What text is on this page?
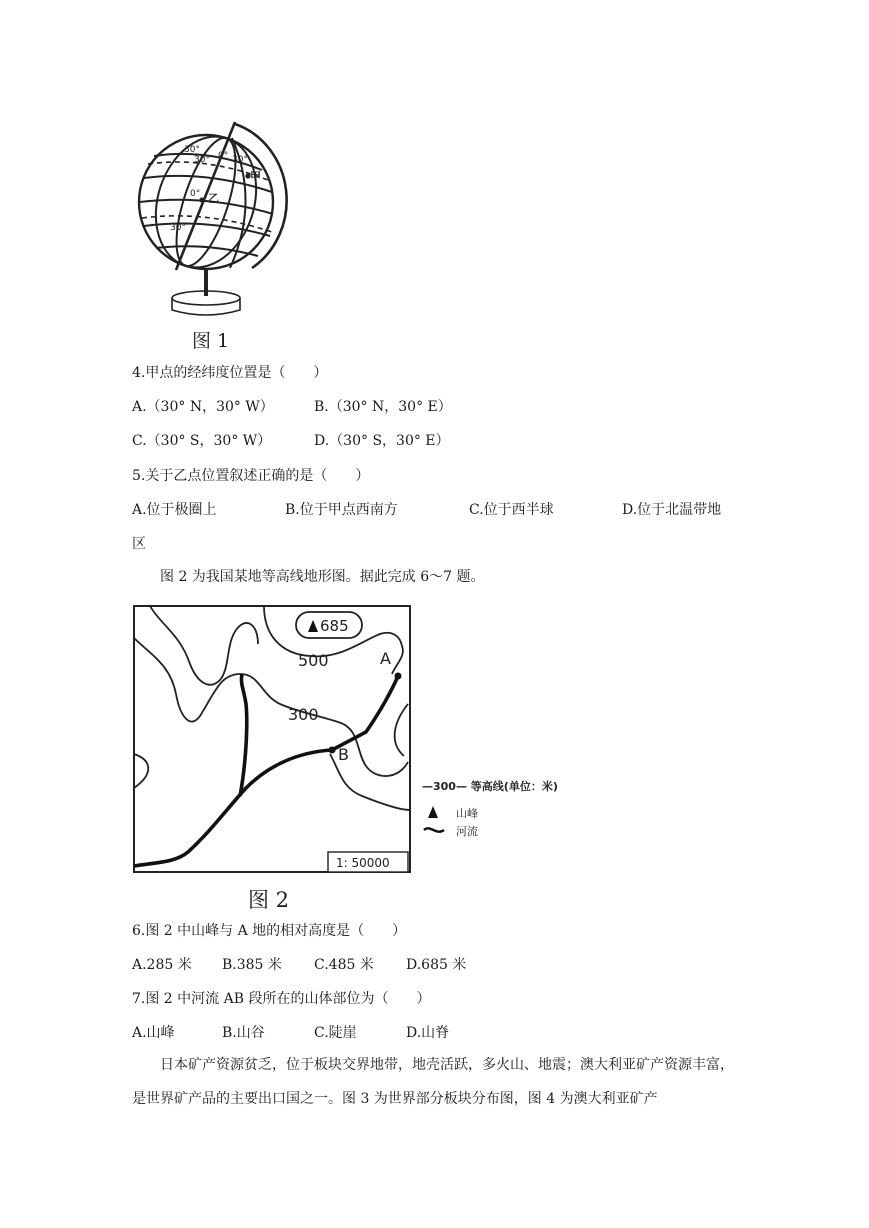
30°
30° 0° 30°
0°
30°
甲
乙
图 1
4.甲点的经纬度位置是（　　）
A.（30° N，30° W）	B.（30° N，30° E）
C.（30° S，30° W）	D.（30° S，30° E）
5.关于乙点位置叙述正确的是（　　）
A.位于极圈上	B.位于甲点西南方	C.位于西半球	D.位于北温带地
区
图 2 为我国某地等高线地形图。据此完成 6～7 题。
685
500
300
A
B
1: 50000
—300— 等高线(单位：米)
山峰
河流
图 2
6.图 2 中山峰与 A 地的相对高度是（　　）
A.285 米 B.385 米 C.485 米 D.685 米
7.图 2 中河流 AB 段所在的山体部位为（　　）
A.山峰	B.山谷	C.陡崖	D.山脊
日本矿产资源贫乏，位于板块交界地带，地壳活跃，多火山、地震；澳大利亚矿产资源丰富，是世界矿产品的主要出口国之一。图 3 为世界部分板块分布图，图 4 为澳大利亚矿产
